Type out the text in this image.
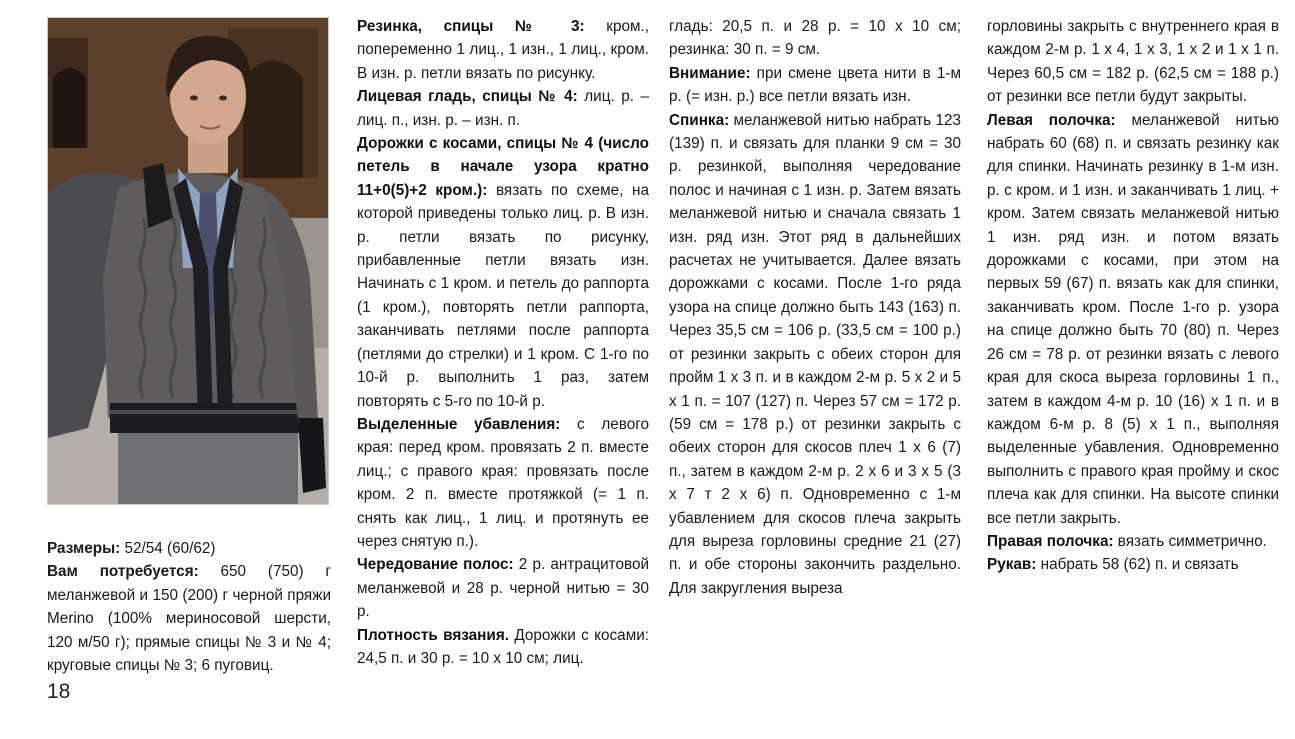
Размеры: 52/54 (60/62)

Вам потребуется: 650 (750) г меланжевой и 150 (200) г черной пряжи Merino (100% мериносовой шерсти, 120 м/50 г); прямые спицы № 3 и № 4; круговые спицы № 3; 6 пуговиц.

18

Резинка, спицы № 3: кром., попеременно 1 лиц., 1 изн., 1 лиц., кром. В изн. р. петли вязать по рисунку.

Лицевая гладь, спицы № 4: лиц. р. – лиц. п., изн. р. – изн. п.

Дорожки с косами, спицы № 4 (число петель в начале узора кратно 11+0(5)+2 кром.): вязать по схеме, на которой приведены только лиц. р. В изн. р. петли вязать по рисунку, прибавленные петли вязать изн. Начинать с 1 кром. и петель до раппорта (1 кром.), повторять петли раппорта, заканчивать петлями после раппорта (петлями до стрелки) и 1 кром. С 1-го по 10-й р. выполнить 1 раз, затем повторять с 5-го по 10-й р.

Выделенные убавления: с левого края: перед кром. провязать 2 п. вместе лиц.; с правого края: провязать после кром. 2 п. вместе протяжкой (= 1 п. снять как лиц., 1 лиц. и протянуть ее через снятую п.).

Чередование полос: 2 р. антрацитовой меланжевой и 28 р. черной нитью = 30 р.

Плотность вязания. Дорожки с косами: 24,5 п. и 30 р. = 10 х 10 см; лиц.

гладь: 20,5 п. и 28 р. = 10 х 10 см; резинка: 30 п. = 9 см.

Внимание: при смене цвета нити в 1-м р. (= изн. р.) все петли вязать изн.

Спинка: меланжевой нитью набрать 123 (139) п. и связать для планки 9 см = 30 р. резинкой, выполняя чередование полос и начиная с 1 изн. р. Затем вязать меланжевой нитью и сначала связать 1 изн. ряд изн. Этот ряд в дальнейших расчетах не учитывается. Далее вязать дорожками с косами. После 1-го ряда узора на спице должно быть 143 (163) п. Через 35,5 см = 106 р. (33,5 см = 100 р.) от резинки закрыть с обеих сторон для пройм 1 х 3 п. и в каждом 2-м р. 5 х 2 и 5 х 1 п. = 107 (127) п. Через 57 см = 172 р. (59 см = 178 р.) от резинки закрыть с обеих сторон для скосов плеч 1 х 6 (7) п., затем в каждом 2-м р. 2 х 6 и 3 х 5 (3 х 7 т 2 х 6) п. Одновременно с 1-м убавлением для скосов плеча закрыть для выреза горловины средние 21 (27) п. и обе стороны закончить раздельно. Для закругления выреза

горловины закрыть с внутреннего края в каждом 2-м р. 1 х 4, 1 х 3, 1 х 2 и 1 х 1 п. Через 60,5 см = 182 р. (62,5 см = 188 р.) от резинки все петли будут закрыты.

Левая полочка: меланжевой нитью набрать 60 (68) п. и связать резинку как для спинки. Начинать резинку в 1-м изн. р. с кром. и 1 изн. и заканчивать 1 лиц. + кром. Затем связать меланжевой нитью 1 изн. ряд изн. и потом вязать дорожками с косами, при этом на первых 59 (67) п. вязать как для спинки, заканчивать кром. После 1-го р. узора на спице должно быть 70 (80) п. Через 26 см = 78 р. от резинки вязать с левого края для скоса выреза горловины 1 п., затем в каждом 4-м р. 10 (16) х 1 п. и в каждом 6-м р. 8 (5) х 1 п., выполняя выделенные убавления. Одновременно выполнить с правого края пройму и скос плеча как для спинки. На высоте спинки все петли закрыть.

Правая полочка: вязать симметрично.

Рукав: набрать 58 (62) п. и связать
